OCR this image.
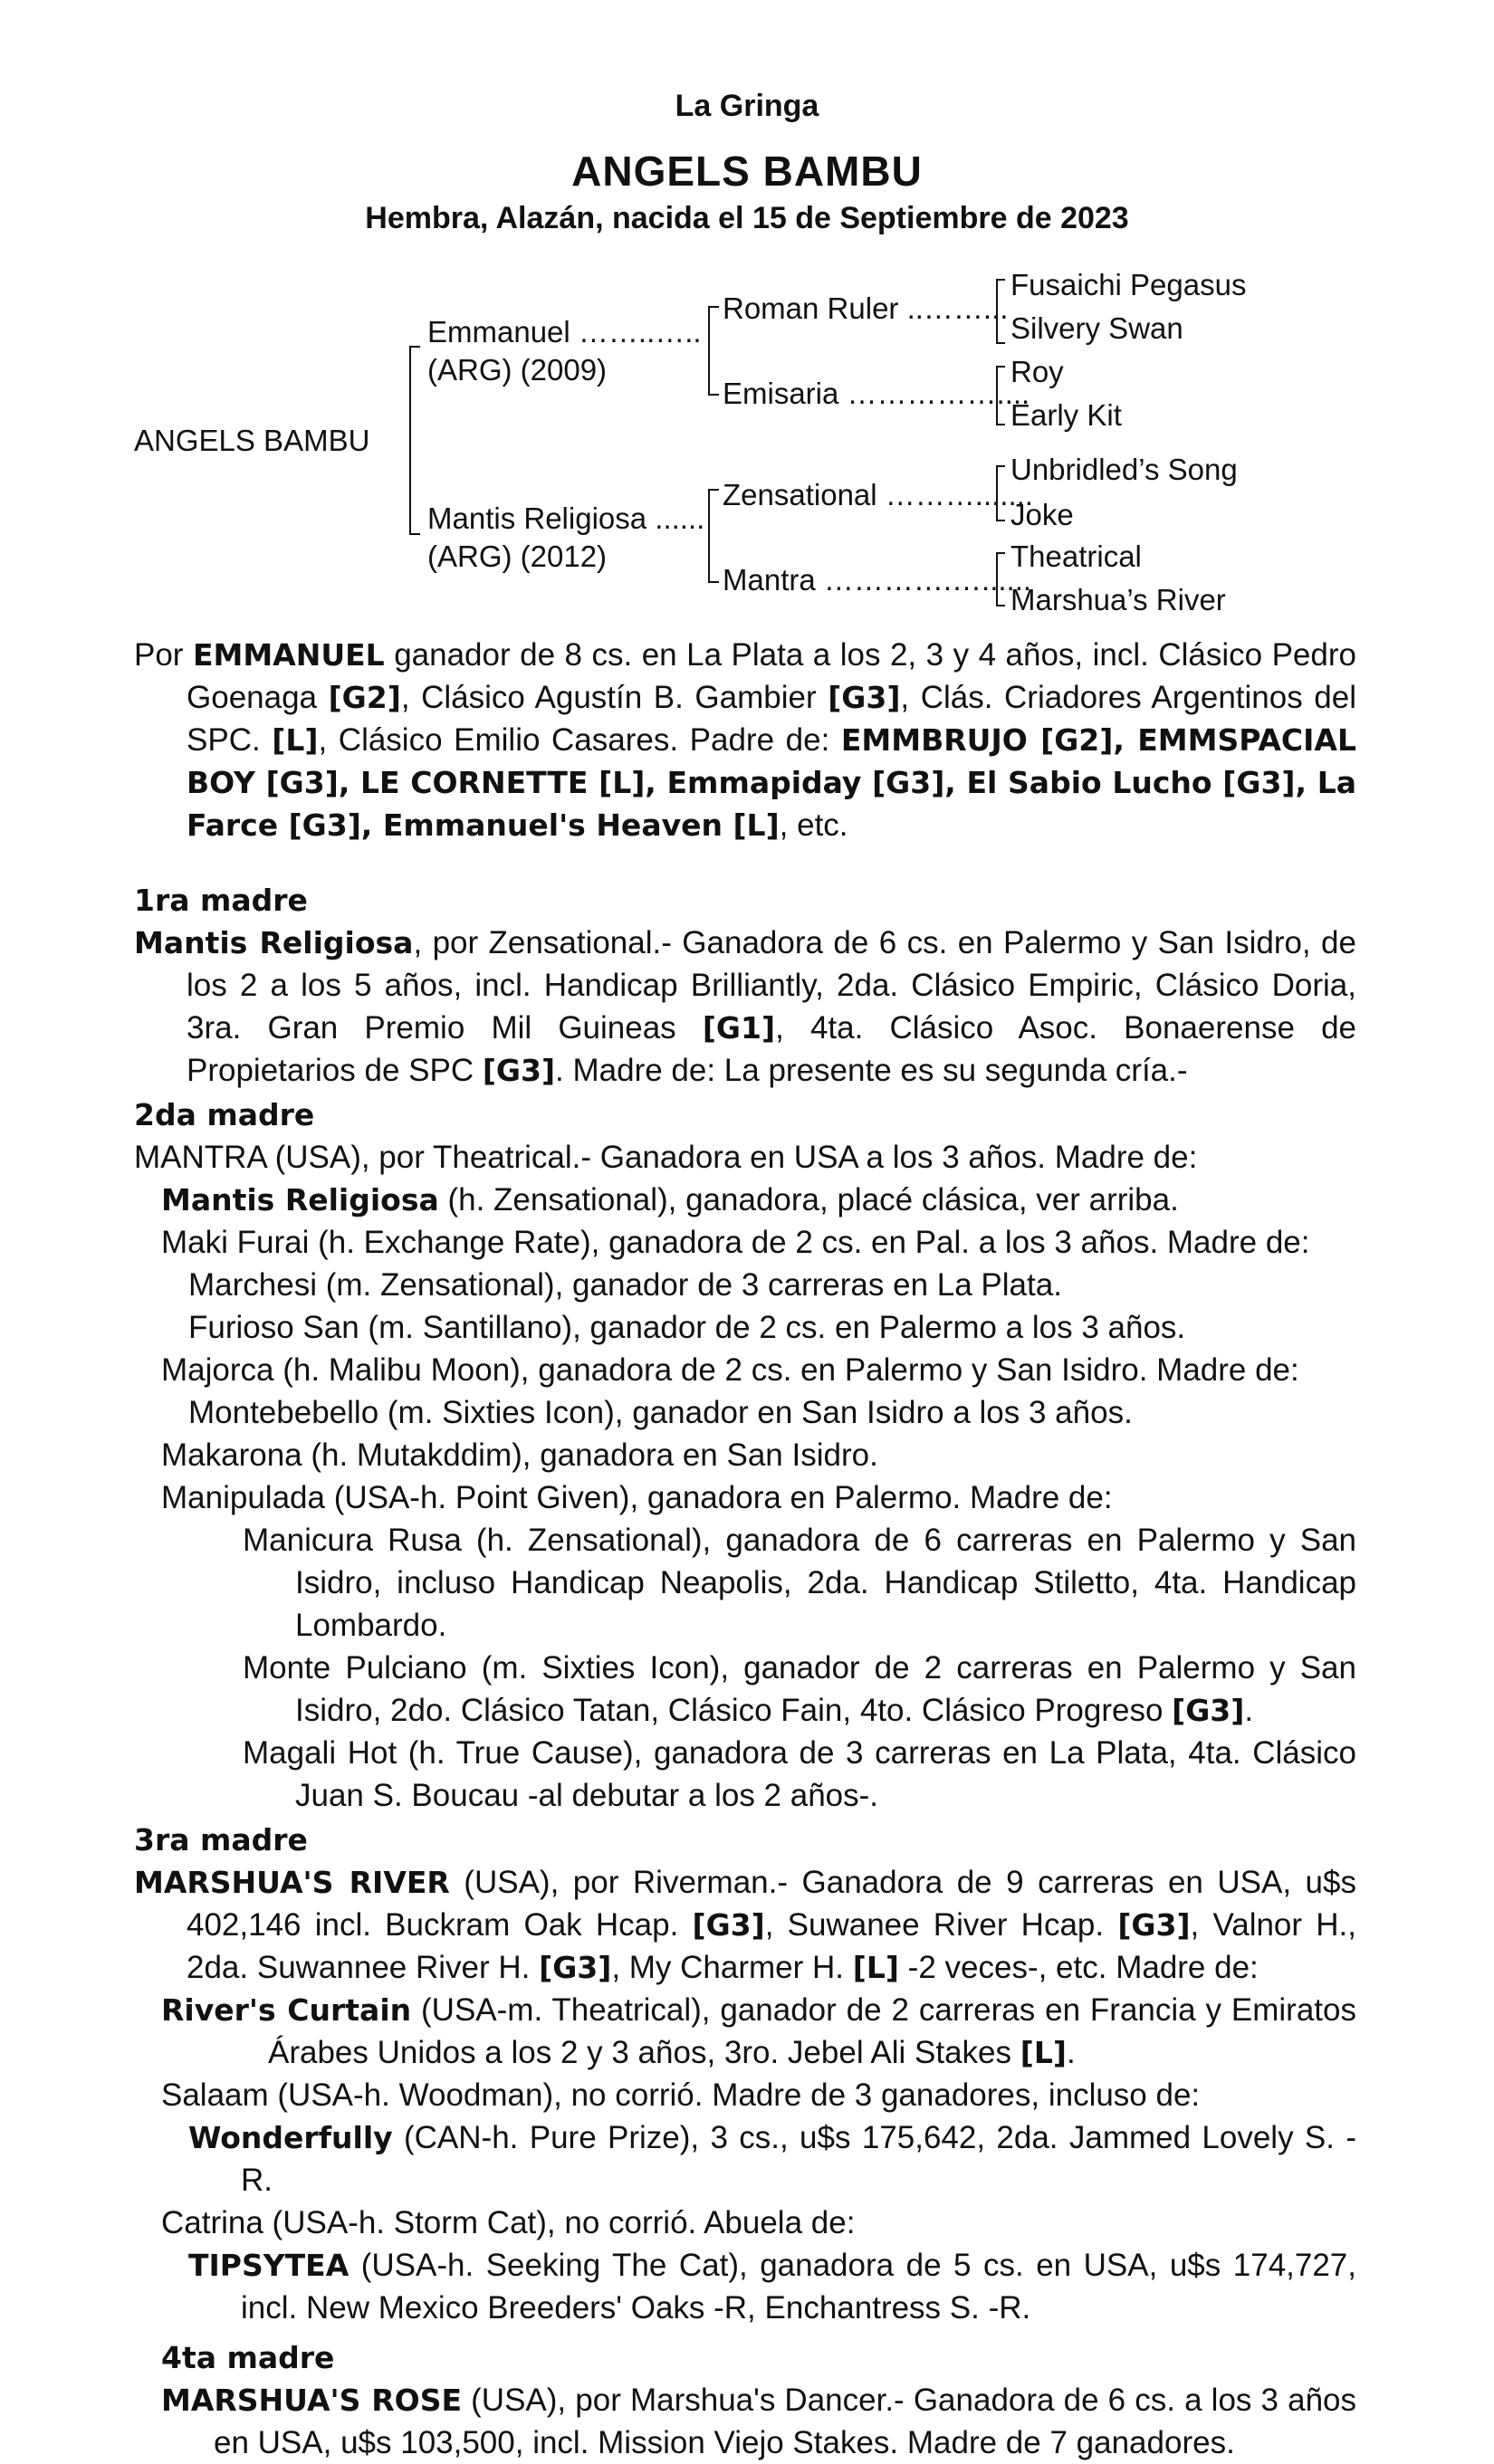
La Gringa
ANGELS BAMBU
Hembra, Alazán, nacida el 15 de Septiembre de 2023
ANGELS BAMBU
Emmanuel ……..…..
(ARG) (2009)
Mantis Religiosa ......
(ARG) (2012)
Roman Ruler ..……...
Emisaria ……………....
Zensational ……….......
Mantra ………….…......
Fusaichi Pegasus
Silvery Swan
Roy
Early Kit
Unbridled’s Song
Joke
Theatrical
Marshua’s River
Por EMMANUEL ganador de 8 cs. en La Plata a los 2, 3 y 4 años, incl. Clásico Pedro Goenaga [G2], Clásico Agustín B. Gambier [G3], Clás. Criadores Argentinos del SPC. [L], Clásico Emilio Casares. Padre de: EMMBRUJO [G2], EMMSPACIAL BOY [G3], LE CORNETTE [L], Emmapiday [G3], El Sabio Lucho [G3], La Farce [G3], Emmanuel's Heaven [L], etc.
1ra madre
Mantis Religiosa, por Zensational.- Ganadora de 6 cs. en Palermo y San Isidro, de los 2 a los 5 años, incl. Handicap Brilliantly, 2da. Clásico Empiric, Clásico Doria, 3ra. Gran Premio Mil Guineas [G1], 4ta. Clásico Asoc. Bonaerense de Propietarios de SPC [G3]. Madre de: La presente es su segunda cría.-
2da madre
MANTRA (USA), por Theatrical.- Ganadora en USA a los 3 años. Madre de:
Mantis Religiosa (h. Zensational), ganadora, placé clásica, ver arriba.
Maki Furai (h. Exchange Rate), ganadora de 2 cs. en Pal. a los 3 años. Madre de:
Marchesi (m. Zensational), ganador de 3 carreras en La Plata.
Furioso San (m. Santillano), ganador de 2 cs. en Palermo a los 3 años.
Majorca (h. Malibu Moon), ganadora de 2 cs. en Palermo y San Isidro. Madre de:
Montebebello (m. Sixties Icon), ganador en San Isidro a los 3 años.
Makarona (h. Mutakddim), ganadora en San Isidro.
Manipulada (USA-h. Point Given), ganadora en Palermo. Madre de:
Manicura Rusa (h. Zensational), ganadora de 6 carreras en Palermo y San Isidro, incluso Handicap Neapolis, 2da. Handicap Stiletto, 4ta. Handicap Lombardo.
Monte Pulciano (m. Sixties Icon), ganador de 2 carreras en Palermo y San Isidro, 2do. Clásico Tatan, Clásico Fain, 4to. Clásico Progreso [G3].
Magali Hot (h. True Cause), ganadora de 3 carreras en La Plata, 4ta. Clásico Juan S. Boucau -al debutar a los 2 años-.
3ra madre
MARSHUA'S RIVER (USA), por Riverman.- Ganadora de 9 carreras en USA, u$s 402,146 incl. Buckram Oak Hcap. [G3], Suwanee River Hcap. [G3], Valnor H., 2da. Suwannee River H. [G3], My Charmer H. [L] -2 veces-, etc. Madre de:
River's Curtain (USA-m. Theatrical), ganador de 2 carreras en Francia y Emiratos Árabes Unidos a los 2 y 3 años, 3ro. Jebel Ali Stakes [L].
Salaam (USA-h. Woodman), no corrió. Madre de 3 ganadores, incluso de:
Wonderfully (CAN-h. Pure Prize), 3 cs., u$s 175,642, 2da. Jammed Lovely S. -R.
Catrina (USA-h. Storm Cat), no corrió. Abuela de:
TIPSYTEA (USA-h. Seeking The Cat), ganadora de 5 cs. en USA, u$s 174,727, incl. New Mexico Breeders' Oaks -R, Enchantress S. -R.
4ta madre
MARSHUA'S ROSE (USA), por Marshua's Dancer.- Ganadora de 6 cs. a los 3 años en USA, u$s 103,500, incl. Mission Viejo Stakes. Madre de 7 ganadores.
